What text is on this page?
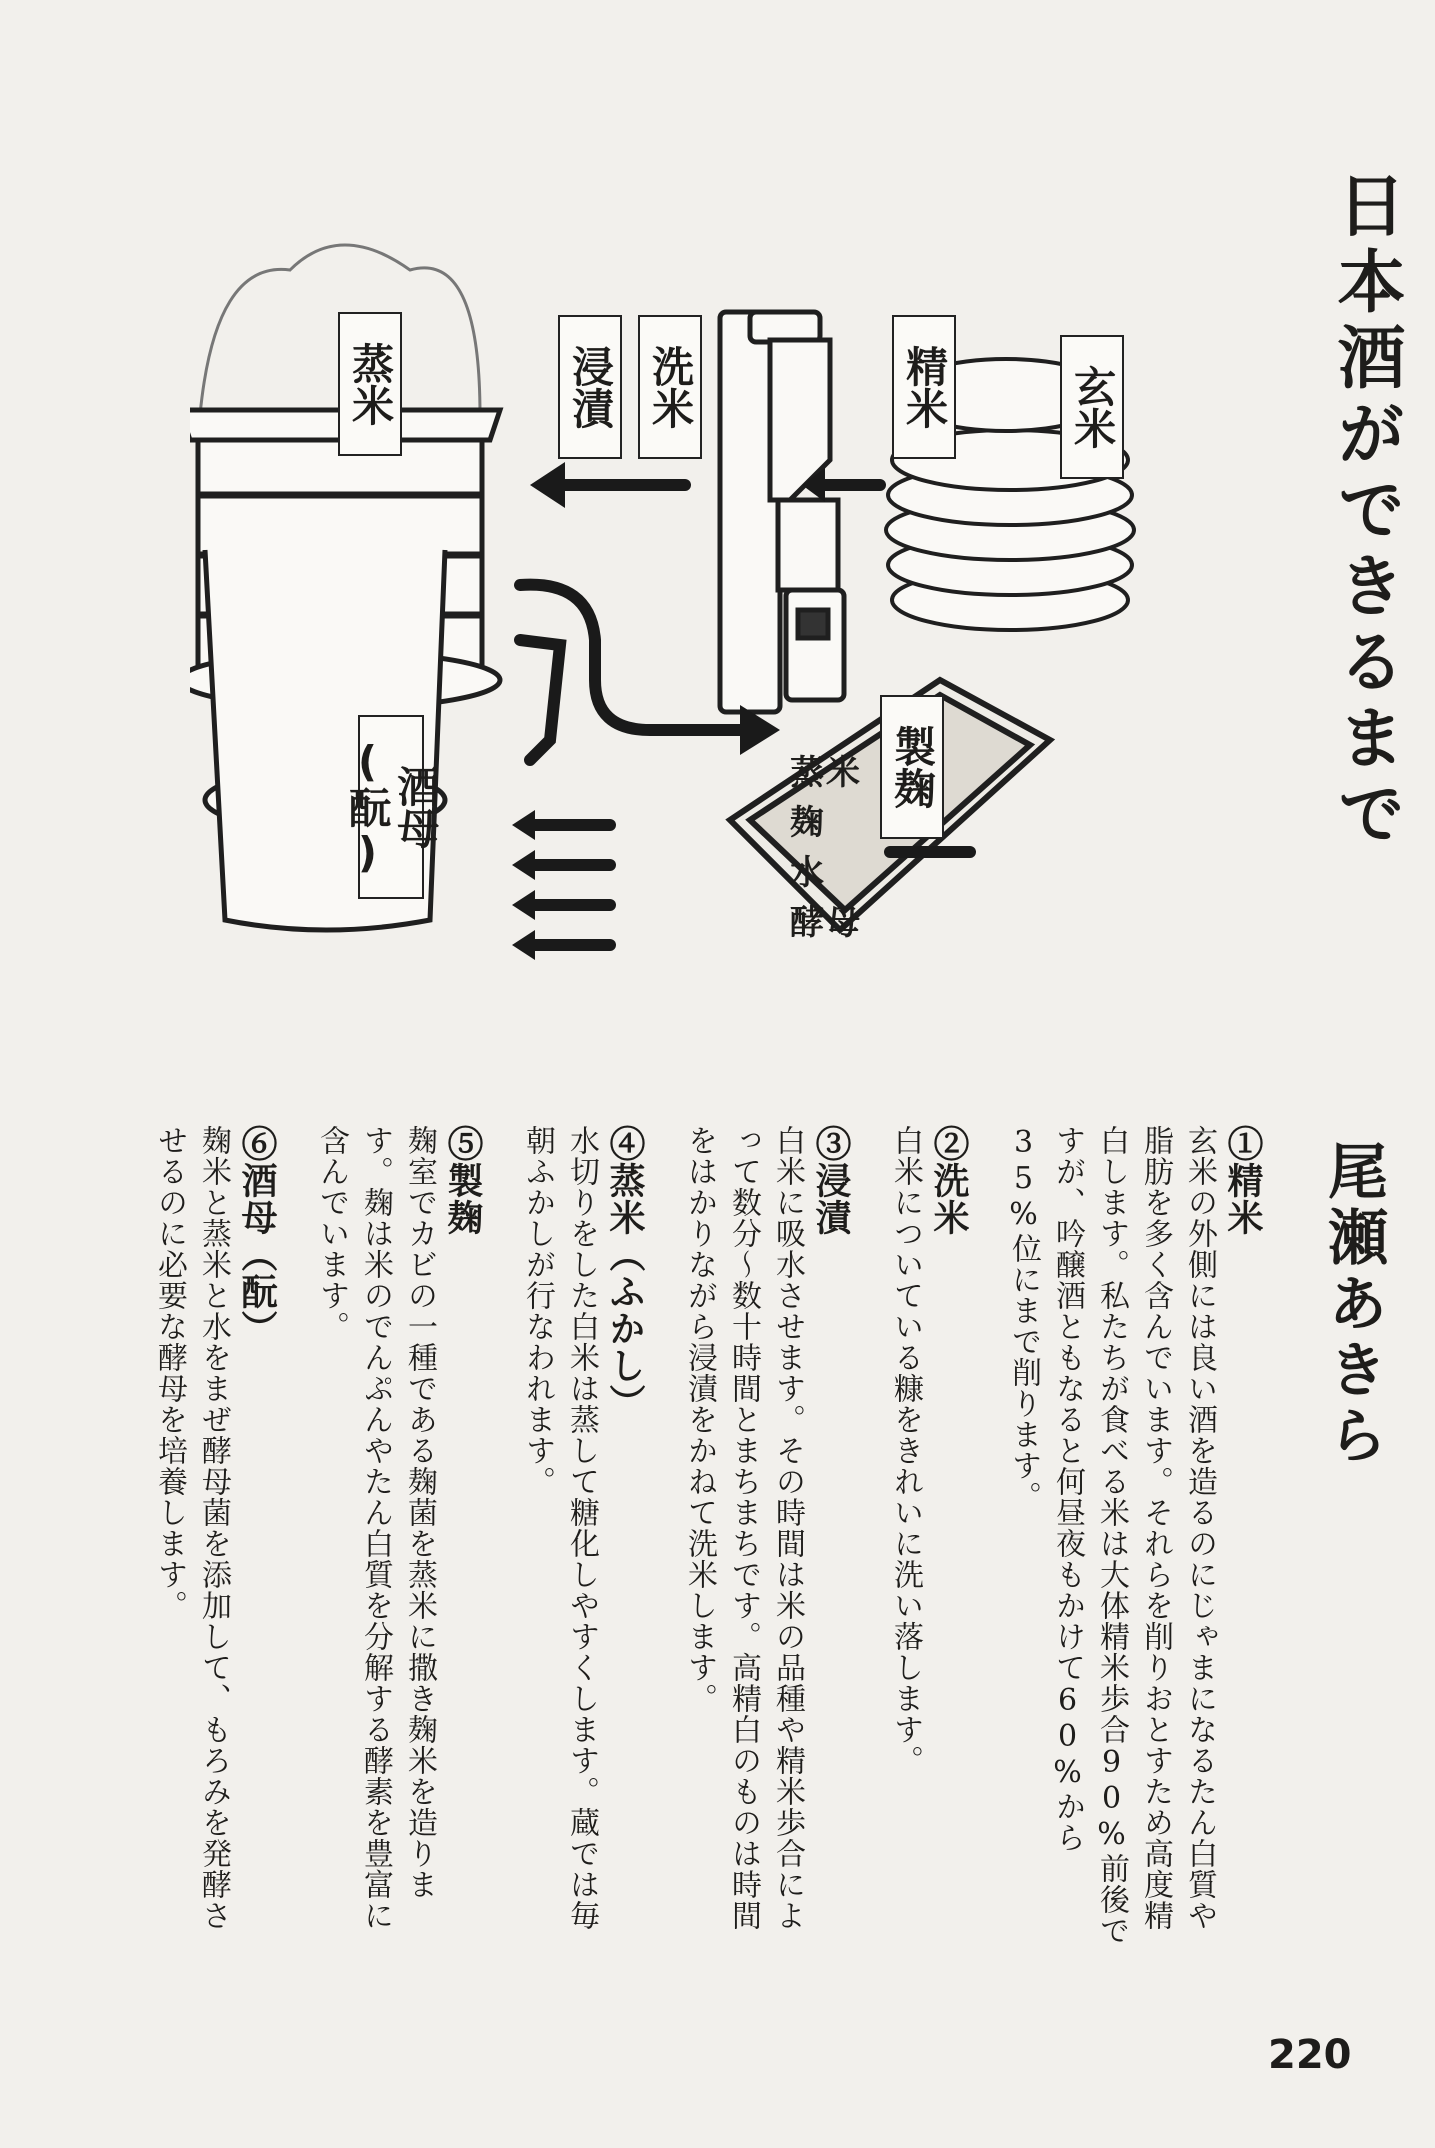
日本酒ができるまで
玄米
精米
洗米
浸漬
蒸米
製麹
酒母(酛)	蒸米
麹
水
酵母
尾瀬あきら
①精米
玄米の外側には良い酒を造るのにじゃまになるたん白質や脂肪を多く含んでいます。それらを削りおとすため高度精白します。私たちが食べる米は大体精米歩合90%前後ですが、吟醸酒ともなると何昼夜もかけて60%から35%位にまで削ります。
②洗米
白米についている糠をきれいに洗い落します。
③浸漬
白米に吸水させます。その時間は米の品種や精米歩合によって数分〜数十時間とまちまちです。高精白のものは時間をはかりながら浸漬をかねて洗米します。
④蒸米（ふかし）
水切りをした白米は蒸して糖化しやすくします。蔵では毎朝ふかしが行なわれます。
⑤製麹
麹室でカビの一種である麹菌を蒸米に撒き麹米を造ります。麹は米のでんぷんやたん白質を分解する酵素を豊富に含んでいます。
⑥酒母（酛）
麹米と蒸米と水をまぜ酵母菌を添加して、もろみを発酵させるのに必要な酵母を培養します。
220
